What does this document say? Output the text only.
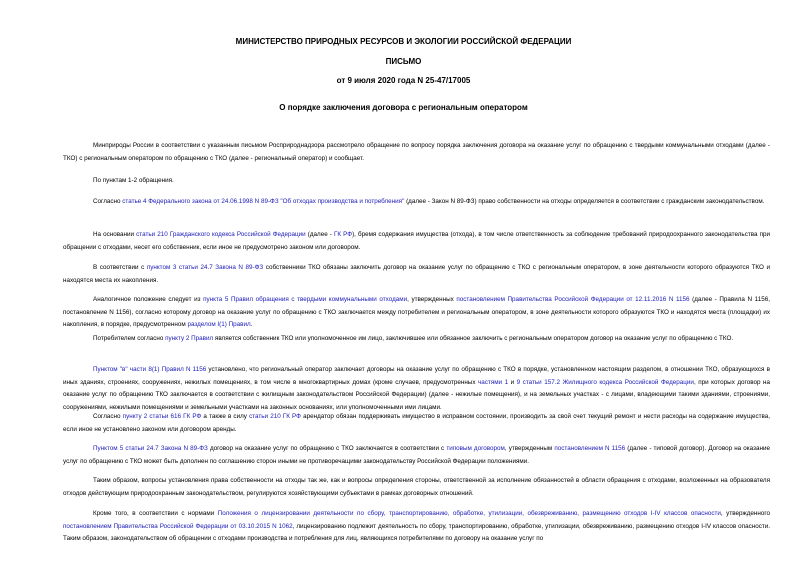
МИНИСТЕРСТВО ПРИРОДНЫХ РЕСУРСОВ И ЭКОЛОГИИ РОССИЙСКОЙ ФЕДЕРАЦИИ
ПИСЬМО
от 9 июля 2020 года N 25-47/17005
О порядке заключения договора с региональным оператором

Минприроды России в соответствии с указанным письмом Росприроднадзора рассмотрело обращение по вопросу порядка заключения договора на оказание услуг по обращению с твердыми коммунальными отходами (далее - ТКО) с региональным оператором по обращению с ТКО (далее - региональный оператор) и сообщает.

По пунктам 1-2 обращения.

Согласно статье 4 Федерального закона от 24.06.1998 N 89-ФЗ "Об отходах производства и потребления" (далее - Закон N 89-ФЗ) право собственности на отходы определяется в соответствии с гражданским законодательством.

На основании статьи 210 Гражданского кодекса Российской Федерации (далее - ГК РФ), бремя содержания имущества (отхода), в том числе ответственность за соблюдение требований природоохранного законодательства при обращении с отходами, несет его собственник, если иное не предусмотрено законом или договором.

В соответствии с пунктом 3 статьи 24.7 Закона N 89-ФЗ собственники ТКО обязаны заключить договор на оказание услуг по обращению с ТКО с региональным оператором, в зоне деятельности которого образуются ТКО и находятся места их накопления.

Аналогичное положение следует из пункта 5 Правил обращения с твердыми коммунальными отходами, утвержденных постановлением Правительства Российской Федерации от 12.11.2016 N 1156 (далее - Правила N 1156, постановление N 1156), согласно которому договор на оказание услуг по обращению с ТКО заключается между потребителем и региональным оператором, в зоне деятельности которого образуются ТКО и находятся места (площадки) их накопления, в порядке, предусмотренном разделом I(1) Правил.

Потребителем согласно пункту 2 Правил является собственник ТКО или уполномоченное им лицо, заключившее или обязанное заключить с региональным оператором договор на оказание услуг по обращению с ТКО.

Пунктом "в" части 8(1) Правил N 1156 установлено, что региональный оператор заключает договоры на оказание услуг по обращению с ТКО в порядке, установленном настоящим разделом, в отношении ТКО, образующихся в иных зданиях, строениях, сооружениях, нежилых помещениях, в том числе в многоквартирных домах (кроме случаев, предусмотренных частями 1 и 9 статьи 157.2 Жилищного кодекса Российской Федерации, при которых договор на оказание услуг по обращению ТКО заключается в соответствии с жилищным законодательством Российской Федерации) (далее - нежилые помещения), и на земельных участках - с лицами, владеющими такими зданиями, строениями, сооружениями, нежилыми помещениями и земельными участками на законных основаниях, или уполномоченными ими лицами.

Согласно пункту 2 статьи 616 ГК РФ а также в силу статьи 210 ГК РФ арендатор обязан поддерживать имущество в исправном состоянии, производить за свой счет текущий ремонт и нести расходы на содержание имущества, если иное не установлено законом или договором аренды.

Пунктом 5 статьи 24.7 Закона N 89-ФЗ договор на оказание услуг по обращению с ТКО заключается в соответствии с типовым договором, утвержденным постановлением N 1156 (далее - типовой договор). Договор на оказание услуг по обращению с ТКО может быть дополнен по соглашению сторон иными не противоречащими законодательству Российской Федерации положениями.

Таким образом, вопросы установления права собственности на отходы так же, как и вопросы определения стороны, ответственной за исполнение обязанностей в области обращения с отходами, возложенных на образователя отходов действующим природоохранным законодательством, регулируются хозяйствующими субъектами в рамках договорных отношений.

Кроме того, в соответствии с нормами Положения о лицензировании деятельности по сбору, транспортированию, обработке, утилизации, обезвреживанию, размещению отходов I-IV классов опасности, утвержденного постановлением Правительства Российской Федерации от 03.10.2015 N 1062, лицензированию подлежит деятельность по сбору, транспортированию, обработке, утилизации, обезвреживанию, размещению отходов I-IV классов опасности. Таким образом, законодательством об обращении с отходами производства и потребления для лиц, являющихся потребителями по договору на оказание услуг по
